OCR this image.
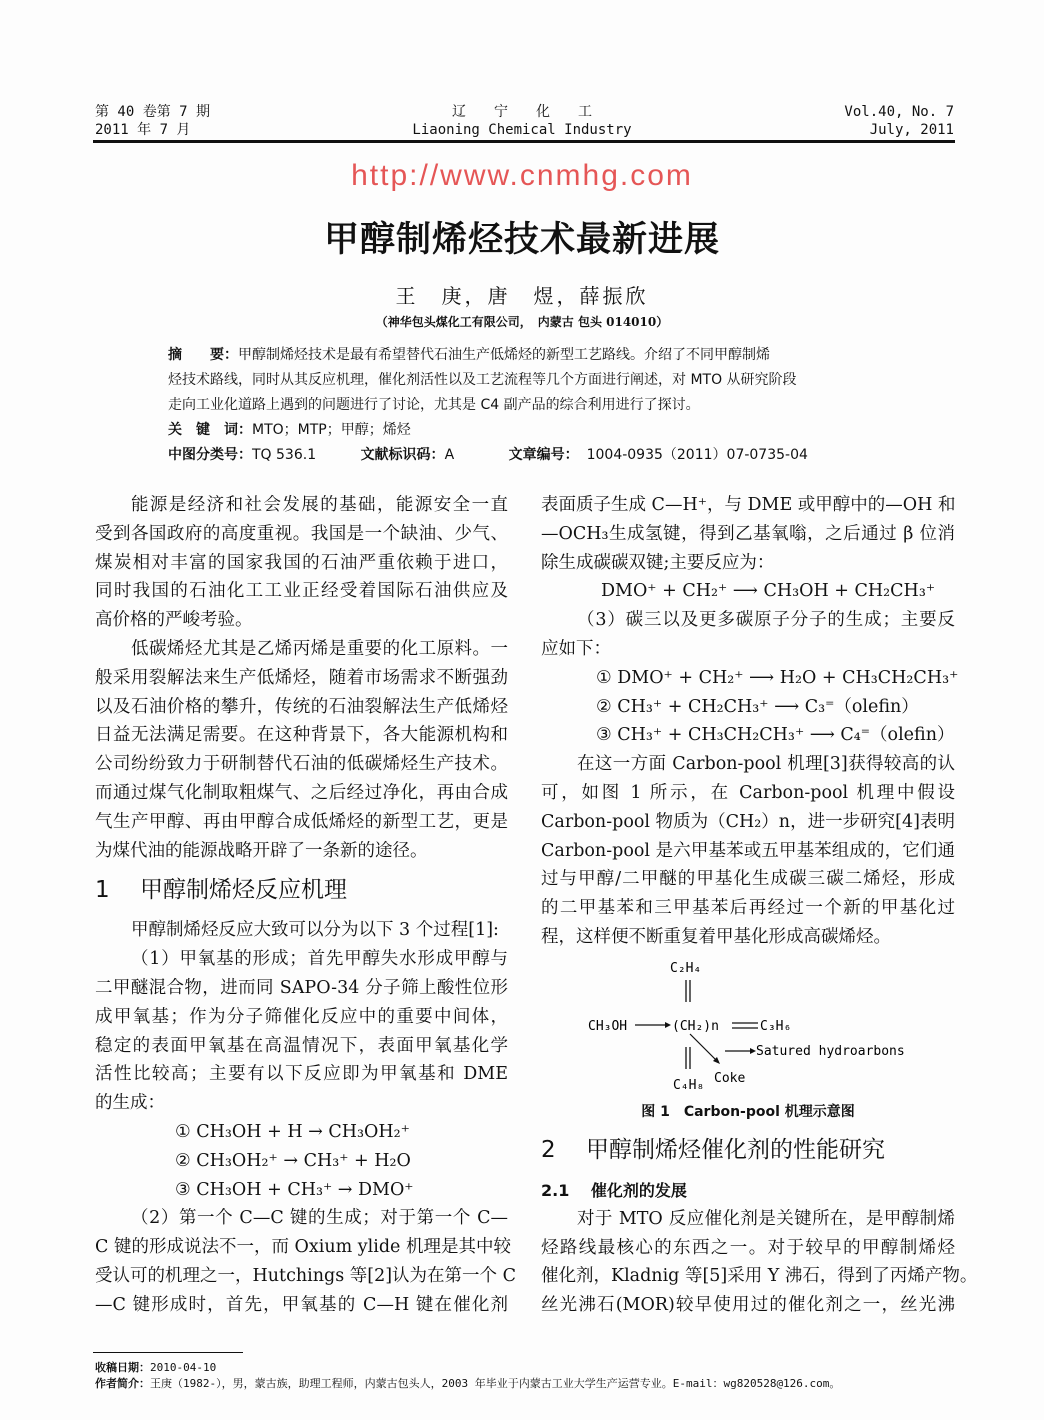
第 40 卷第 7 期
2011 年 7 月
辽　　宁　　化　　工
Liaoning Chemical Industry
Vol.40, No. 7
July, 2011
http://www.cnmhg.com
甲醇制烯烃技术最新进展
王　庚，唐　煜，薛振欣
（神华包头煤化工有限公司，　内蒙古 包头 014010）
摘　　要：甲醇制烯烃技术是最有希望替代石油生产低烯烃的新型工艺路线。介绍了不同甲醇制烯
烃技术路线，同时从其反应机理，催化剂活性以及工艺流程等几个方面进行阐述，对 MTO 从研究阶段
走向工业化道路上遇到的问题进行了讨论，尤其是 C4 副产品的综合利用进行了探讨。
关　键　词：MTO；MTP；甲醇；烯烃
中图分类号：TQ 536.1	文献标识码：A	文章编号： 1004-0935（2011）07-0735-04
C₂H₄
CH₃OH	(CH₂)n	C₃H₆
Satured hydroarbons
C₄H₈ Coke
图 1　Carbon-pool 机理示意图
收稿日期：2010-04-10
作者简介：王庚（1982-），男，蒙古族，助理工程师，内蒙古包头人，2003 年毕业于内蒙古工业大学生产运营专业。E-mail：wg820528@126.com。
能源是经济和社会发展的基础，能源安全一直
受到各国政府的高度重视。我国是一个缺油、少气、
煤炭相对丰富的国家我国的石油严重依赖于进口，
同时我国的石油化工工业正经受着国际石油供应及
高价格的严峻考验。
低碳烯烃尤其是乙烯丙烯是重要的化工原料。一
般采用裂解法来生产低烯烃，随着市场需求不断强劲
以及石油价格的攀升，传统的石油裂解法生产低烯烃
日益无法满足需要。在这种背景下，各大能源机构和
公司纷纷致力于研制替代石油的低碳烯烃生产技术。
而通过煤气化制取粗煤气、之后经过净化，再由合成
气生产甲醇、再由甲醇合成低烯烃的新型工艺，更是
为煤代油的能源战略开辟了一条新的途径。
1　 甲醇制烯烃反应机理
甲醇制烯烃反应大致可以分为以下 3 个过程[1]:
（1）甲氧基的形成；首先甲醇失水形成甲醇与
二甲醚混合物，进而同 SAPO-34 分子筛上酸性位形
成甲氧基；作为分子筛催化反应中的重要中间体，
稳定的表面甲氧基在高温情况下，表面甲氧基化学
活性比较高；主要有以下反应即为甲氧基和 DME
的生成：
① CH₃OH + H → CH₃OH₂⁺
② CH₃OH₂⁺ → CH₃⁺ + H₂O
③ CH₃OH + CH₃⁺ → DMO⁺
（2）第一个 C—C 键的生成；对于第一个 C—
C 键的形成说法不一，而 Oxium ylide 机理是其中较
受认可的机理之一，Hutchings 等[2]认为在第一个 C
—C 键形成时，首先，甲氧基的 C—H 键在催化剂
表面质子生成 C—H⁺，与 DME 或甲醇中的—OH 和
—OCH₃生成氢键，得到乙基氧嗡，之后通过 β 位消
除生成碳碳双键;主要反应为：
DMO⁺ + CH₂⁺ ⟶ CH₃OH + CH₂CH₃⁺
（3）碳三以及更多碳原子分子的生成；主要反
应如下：
① DMO⁺ + CH₂⁺ ⟶ H₂O + CH₃CH₂CH₃⁺
② CH₃⁺ + CH₂CH₃⁺ ⟶ C₃⁼（olefin）
③ CH₃⁺ + CH₃CH₂CH₃⁺ ⟶ C₄⁼（olefin）
在这一方面 Carbon-pool 机理[3]获得较高的认
可，如图 1 所示，在 Carbon-pool 机理中假设
Carbon-pool 物质为（CH₂）n，进一步研究[4]表明
Carbon-pool 是六甲基苯或五甲基苯组成的，它们通
过与甲醇/二甲醚的甲基化生成碳三碳二烯烃，形成
的二甲基苯和三甲基苯后再经过一个新的甲基化过
程，这样便不断重复着甲基化形成高碳烯烃。
2　 甲醇制烯烃催化剂的性能研究
2.1　 催化剂的发展
对于 MTO 反应催化剂是关键所在，是甲醇制烯
烃路线最核心的东西之一。对于较早的甲醇制烯烃
催化剂，Kladnig 等[5]采用 Y 沸石，得到了丙烯产物。
丝光沸石(MOR)较早使用过的催化剂之一，丝光沸
